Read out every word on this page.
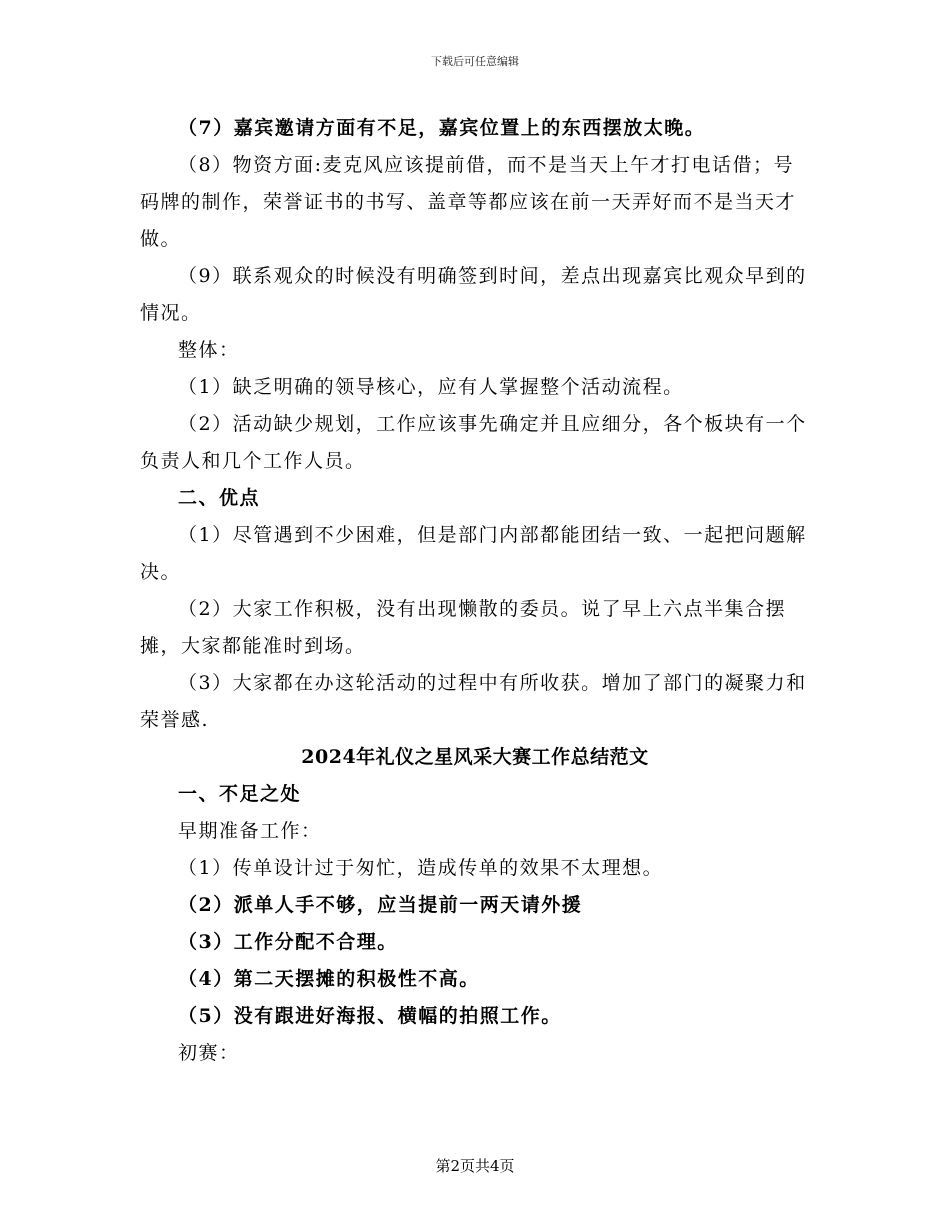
下载后可任意编辑

（7）嘉宾邀请方面有不足，嘉宾位置上的东西摆放太晚。

（8）物资方面:麦克风应该提前借，而不是当天上午才打电话借；号码牌的制作，荣誉证书的书写、盖章等都应该在前一天弄好而不是当天才做。

（9）联系观众的时候没有明确签到时间，差点出现嘉宾比观众早到的情况。

整体：

（1）缺乏明确的领导核心，应有人掌握整个活动流程。

（2）活动缺少规划，工作应该事先确定并且应细分，各个板块有一个负责人和几个工作人员。

二、优点

（1）尽管遇到不少困难，但是部门内部都能团结一致、一起把问题解决。

（2）大家工作积极，没有出现懒散的委员。说了早上六点半集合摆摊，大家都能准时到场。

（3）大家都在办这轮活动的过程中有所收获。增加了部门的凝聚力和荣誉感.

2024年礼仪之星风采大赛工作总结范文

一、不足之处

早期准备工作：

（1）传单设计过于匆忙，造成传单的效果不太理想。

（2）派单人手不够，应当提前一两天请外援

（3）工作分配不合理。

（4）第二天摆摊的积极性不高。

（5）没有跟进好海报、横幅的拍照工作。

初赛：

第2页共4页
